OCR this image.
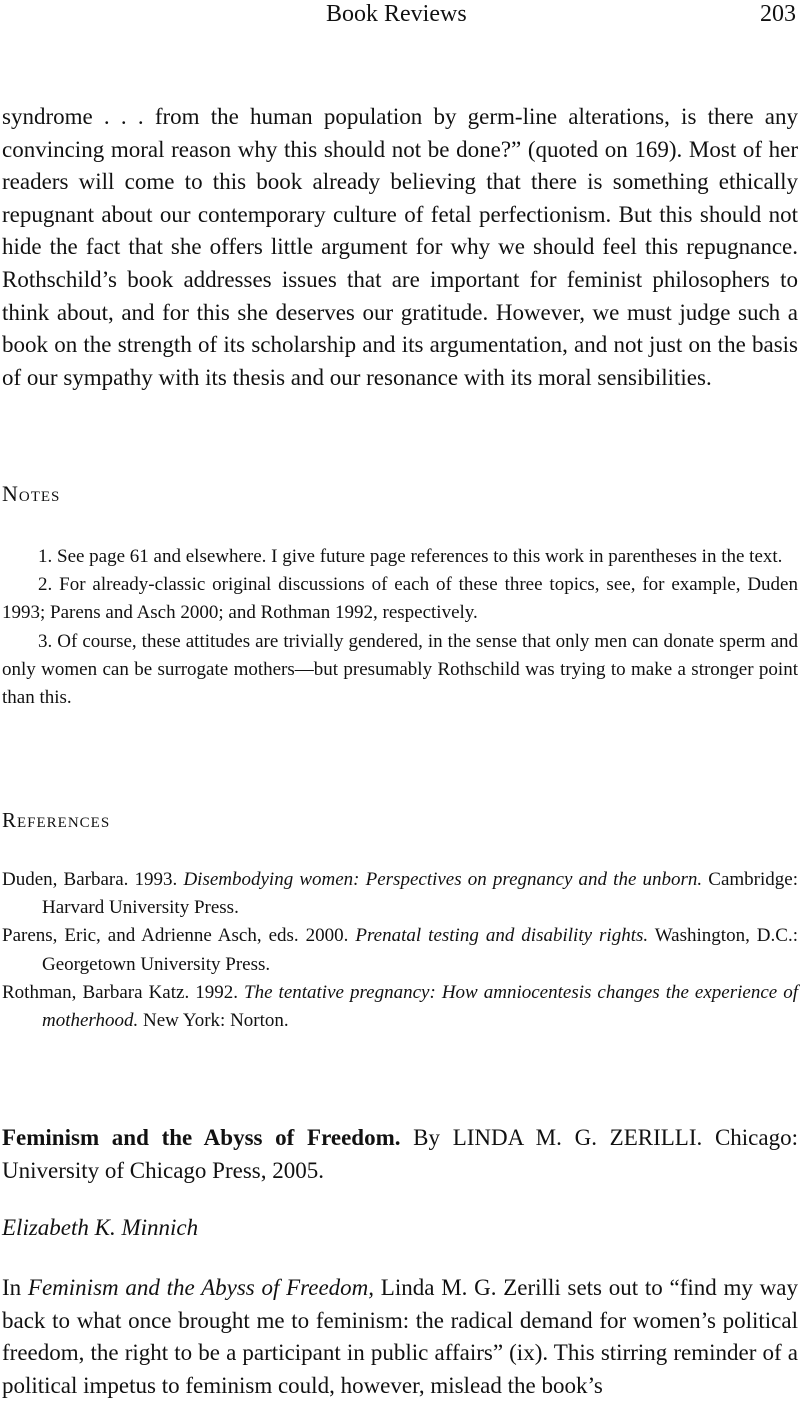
Book Reviews	203

syndrome . . . from the human population by germ-line alterations, is there any convincing moral reason why this should not be done?” (quoted on 169). Most of her readers will come to this book already believing that there is something ethically repugnant about our contemporary culture of fetal perfectionism. But this should not hide the fact that she offers little argument for why we should feel this repugnance. Rothschild’s book addresses issues that are important for feminist philosophers to think about, and for this she deserves our gratitude. However, we must judge such a book on the strength of its scholarship and its argumentation, and not just on the basis of our sympathy with its thesis and our resonance with its moral sensibilities.

Notes
1. See page 61 and elsewhere. I give future page references to this work in parentheses in the text.
2. For already-classic original discussions of each of these three topics, see, for example, Duden 1993; Parens and Asch 2000; and Rothman 1992, respectively.
3. Of course, these attitudes are trivially gendered, in the sense that only men can donate sperm and only women can be surrogate mothers—but presumably Rothschild was trying to make a stronger point than this.
References
Duden, Barbara. 1993. Disembodying women: Perspectives on pregnancy and the unborn. Cambridge: Harvard University Press.
Parens, Eric, and Adrienne Asch, eds. 2000. Prenatal testing and disability rights. Washington, D.C.: Georgetown University Press.
Rothman, Barbara Katz. 1992. The tentative pregnancy: How amniocentesis changes the experience of motherhood. New York: Norton.

Feminism and the Abyss of Freedom. By LINDA M. G. ZERILLI. Chicago: University of Chicago Press, 2005.

Elizabeth K. Minnich

In Feminism and the Abyss of Freedom, Linda M. G. Zerilli sets out to “find my way back to what once brought me to feminism: the radical demand for women’s political freedom, the right to be a participant in public affairs” (ix). This stirring reminder of a political impetus to feminism could, however, mislead the book’s
